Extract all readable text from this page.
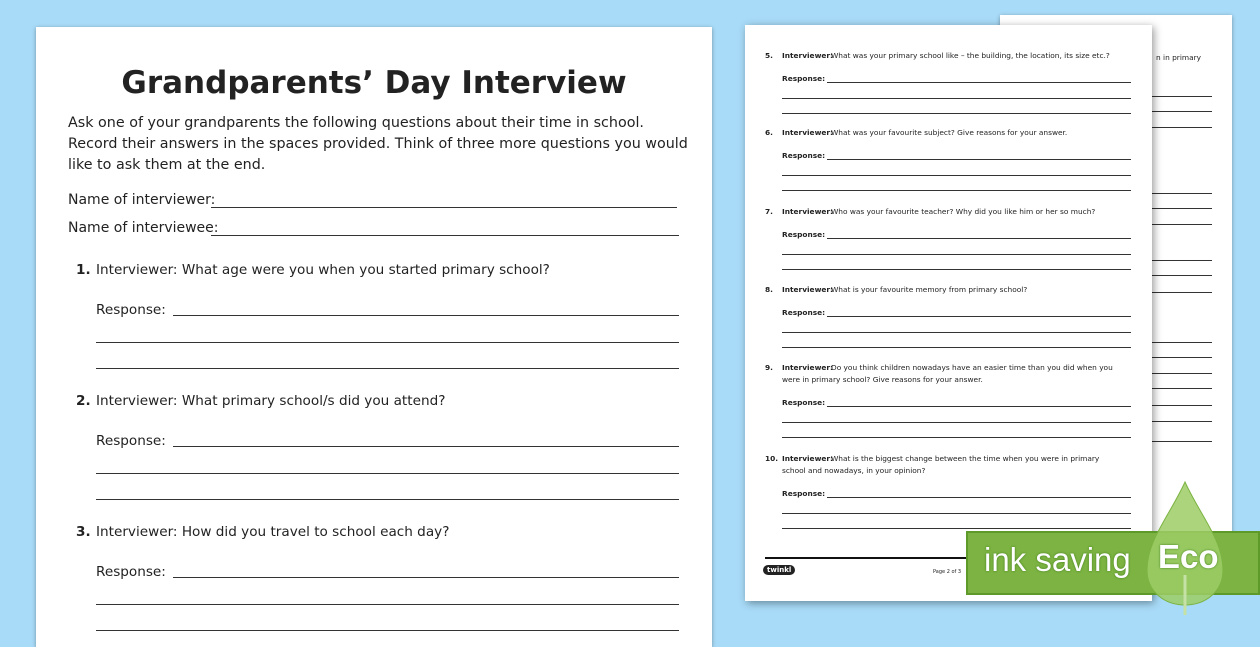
n in primary
Grandparents’ Day Interview
Ask one of your grandparents the following questions about their time in school. Record their answers in the spaces provided. Think of three more questions you would like to ask them at the end.
Name of interviewer:
Name of interviewee:
1. Interviewer: What age were you when you started primary school?
Response:
2. Interviewer: What primary school/s did you attend?
Response:
3. Interviewer: How did you travel to school each day?
Response:
5. Interviewer:
What was your primary school like – the building, the location, its size etc.?
Response:
6. Interviewer:
What was your favourite subject? Give reasons for your answer.
Response:
7. Interviewer:
Who was your favourite teacher? Why did you like him or her so much?
Response:
8. Interviewer:
What is your favourite memory from primary school?
Response:
9. Interviewer:
Do you think children nowadays have an easier time than you did when you
were in primary school? Give reasons for your answer.
Response:
10. Interviewer:
What is the biggest change between the time when you were in primary
school and nowadays, in your opinion?
Response:
twinkl	Page 2 of 3 ink saving Eco
